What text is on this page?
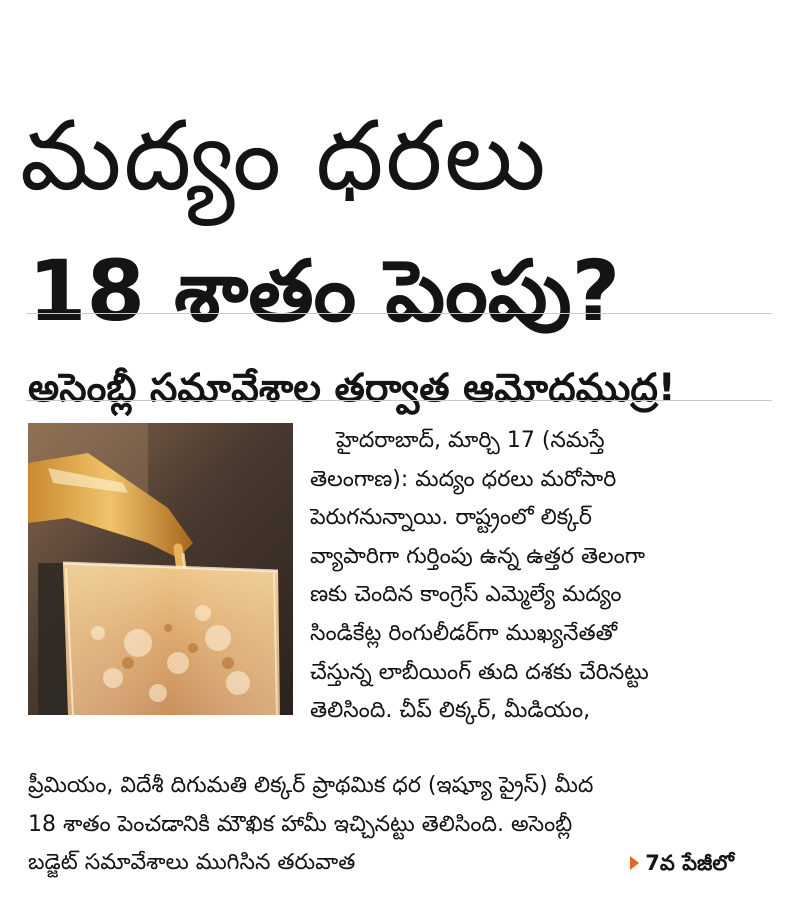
మద్యం ధరలు
18 శాతం పెంపు?
అసెంబ్లీ సమావేశాల తర్వాత ఆమోదముద్ర!
హైదరాబాద్, మార్చి 17 (నమస్తే
తెలంగాణ): మద్యం ధరలు మరోసారి
పెరుగనున్నాయి. రాష్ట్రంలో లిక్కర్
వ్యాపారిగా గుర్తింపు ఉన్న ఉత్తర తెలంగా
ణకు చెందిన కాంగ్రెస్ ఎమ్మెల్యే మద్యం
సిండికేట్ల రింగులీడర్‌గా ముఖ్యనేతతో
చేస్తున్న లాబీయింగ్ తుది దశకు చేరినట్టు
తెలిసింది. చీప్ లిక్కర్, మీడియం,
ప్రీమియం, విదేశీ దిగుమతి లిక్కర్ ప్రాథమిక ధర (ఇష్యూ ప్రైస్) మీద
18 శాతం పెంచడానికి మౌఖిక హామీ ఇచ్చినట్టు తెలిసింది. అసెంబ్లీ
బడ్జెట్ సమావేశాలు ముగిసిన తరువాత	7వ పేజీలో
